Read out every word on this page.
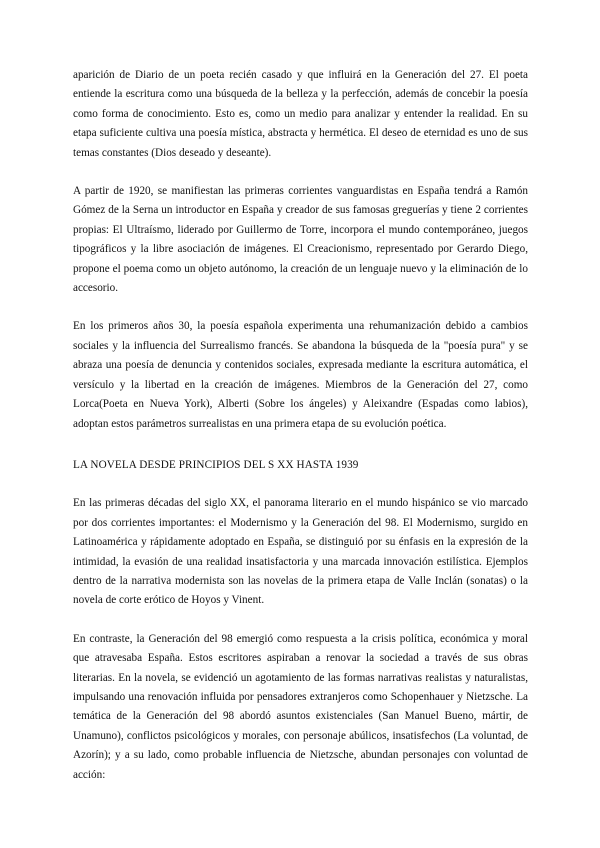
aparición de Diario de un poeta recién casado y que influirá en la Generación del 27. El poeta entiende la escritura como una búsqueda de la belleza y la perfección, además de concebir la poesía como forma de conocimiento. Esto es, como un medio para analizar y entender la realidad. En su etapa suficiente cultiva una poesía mística, abstracta y hermética. El deseo de eternidad es uno de sus temas constantes (Dios deseado y deseante).

A partir de 1920, se manifiestan las primeras corrientes vanguardistas en España tendrá a Ramón Gómez de la Serna un introductor en España y creador de sus famosas greguerías y tiene 2 corrientes propias: El Ultraísmo, liderado por Guillermo de Torre, incorpora el mundo contemporáneo, juegos tipográficos y la libre asociación de imágenes. El Creacionismo, representado por Gerardo Diego, propone el poema como un objeto autónomo, la creación de un lenguaje nuevo y la eliminación de lo accesorio.

En los primeros años 30, la poesía española experimenta una rehumanización debido a cambios sociales y la influencia del Surrealismo francés. Se abandona la búsqueda de la "poesía pura" y se abraza una poesía de denuncia y contenidos sociales, expresada mediante la escritura automática, el versículo y la libertad en la creación de imágenes. Miembros de la Generación del 27, como Lorca(Poeta en Nueva York), Alberti (Sobre los ángeles) y Aleixandre (Espadas como labios), adoptan estos parámetros surrealistas en una primera etapa de su evolución poética.

LA NOVELA DESDE PRINCIPIOS DEL S XX HASTA 1939

En las primeras décadas del siglo XX, el panorama literario en el mundo hispánico se vio marcado por dos corrientes importantes: el Modernismo y la Generación del 98. El Modernismo, surgido en Latinoamérica y rápidamente adoptado en España, se distinguió por su énfasis en la expresión de la intimidad, la evasión de una realidad insatisfactoria y una marcada innovación estilística. Ejemplos dentro de la narrativa modernista son las novelas de la primera etapa de Valle Inclán (sonatas) o la novela de corte erótico de Hoyos y Vinent.

En contraste, la Generación del 98 emergió como respuesta a la crisis política, económica y moral que atravesaba España. Estos escritores aspiraban a renovar la sociedad a través de sus obras literarias. En la novela, se evidenció un agotamiento de las formas narrativas realistas y naturalistas, impulsando una renovación influida por pensadores extranjeros como Schopenhauer y Nietzsche. La temática de la Generación del 98 abordó asuntos existenciales (San Manuel Bueno, mártir, de Unamuno), conflictos psicológicos y morales, con personaje abúlicos, insatisfechos (La voluntad, de Azorín); y a su lado, como probable influencia de Nietzsche, abundan personajes con voluntad de acción:
